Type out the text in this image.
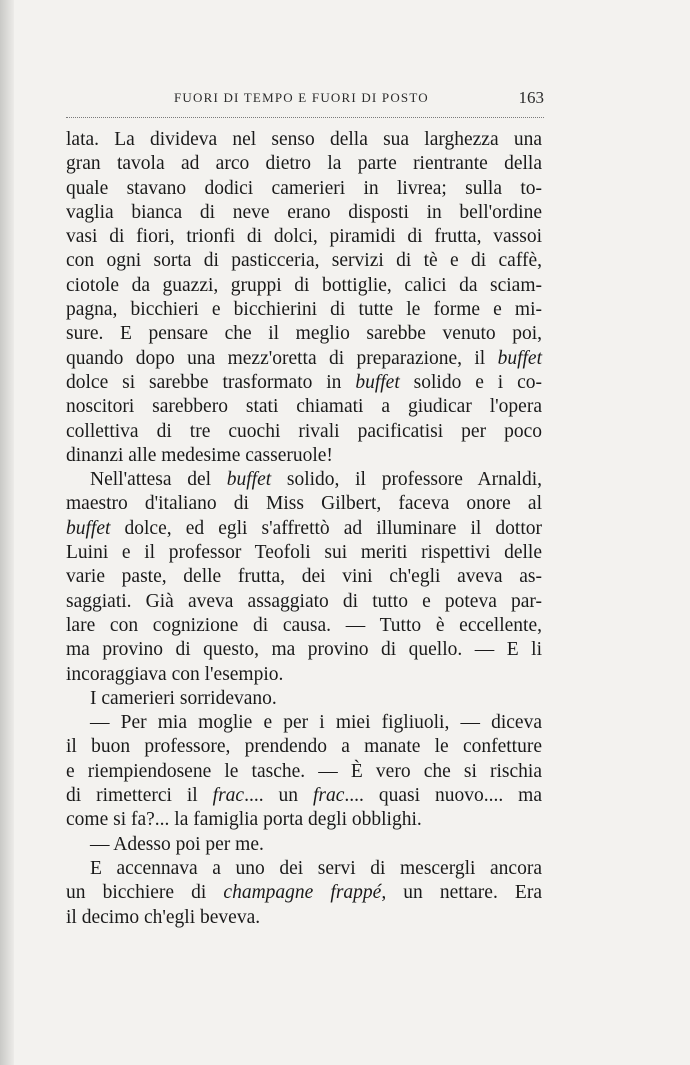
FUORI DI TEMPO E FUORI DI POSTO	163
lata. La divideva nel senso della sua larghezza una
gran tavola ad arco dietro la parte rientrante della
quale stavano dodici camerieri in livrea; sulla to-
vaglia bianca di neve erano disposti in bell'ordine
vasi di fiori, trionfi di dolci, piramidi di frutta, vassoi
con ogni sorta di pasticceria, servizi di tè e di caffè,
ciotole da guazzi, gruppi di bottiglie, calici da sciam-
pagna, bicchieri e bicchierini di tutte le forme e mi-
sure. E pensare che il meglio sarebbe venuto poi,
quando dopo una mezz'oretta di preparazione, il buffet
dolce si sarebbe trasformato in buffet solido e i co-
noscitori sarebbero stati chiamati a giudicar l'opera
collettiva di tre cuochi rivali pacificatisi per poco
dinanzi alle medesime casseruole!
Nell'attesa del buffet solido, il professore Arnaldi,
maestro d'italiano di Miss Gilbert, faceva onore al
buffet dolce, ed egli s'affrettò ad illuminare il dottor
Luini e il professor Teofoli sui meriti rispettivi delle
varie paste, delle frutta, dei vini ch'egli aveva as-
saggiati. Già aveva assaggiato di tutto e poteva par-
lare con cognizione di causa. — Tutto è eccellente,
ma provino di questo, ma provino di quello. — E li
incoraggiava con l'esempio.
I camerieri sorridevano.
— Per mia moglie e per i miei figliuoli, — diceva
il buon professore, prendendo a manate le confetture
e riempiendosene le tasche. — È vero che si rischia
di rimetterci il frac.... un frac.... quasi nuovo.... ma
come si fa?... la famiglia porta degli obblighi.
— Adesso poi per me.
E accennava a uno dei servi di mescergli ancora
un bicchiere di champagne frappé, un nettare. Era
il decimo ch'egli beveva.
